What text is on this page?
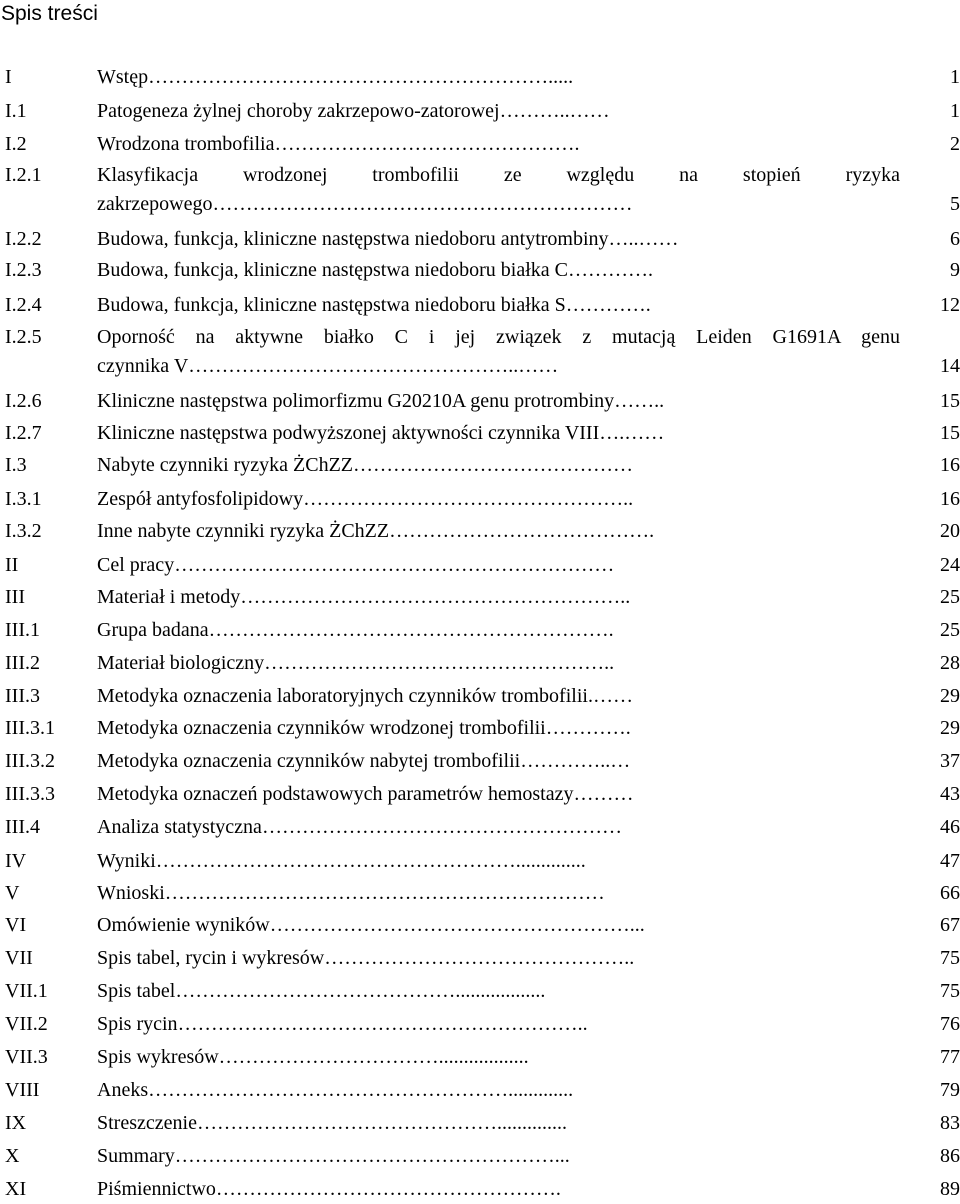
Spis treści
I	Wstęp…………………………………………………….....	1
I.1	Patogeneza żylnej choroby zakrzepowo-zatorowej………..……	1
I.2	Wrodzona trombofilia……………………………………….	2
I.2.1	Klasyfikacja wrodzonej trombofilii ze względu na stopień ryzyka
zakrzepowego………………………………………………………	5
I.2.2	Budowa, funkcja, kliniczne następstwa niedoboru antytrombiny…..……	6
I.2.3	Budowa, funkcja, kliniczne następstwa niedoboru białka C………….	9
I.2.4	Budowa, funkcja, kliniczne następstwa niedoboru białka S………….	12
I.2.5	Oporność na aktywne białko C i jej związek z mutacją Leiden G1691A genu
czynnika V…………………………………………..……	14
I.2.6	Kliniczne następstwa polimorfizmu G20210A genu protrombiny……..	15
I.2.7	Kliniczne następstwa podwyższonej aktywności czynnika VIII….……	15
I.3	Nabyte czynniki ryzyka ŻChZZ……………………………………	16
I.3.1	Zespół antyfosfolipidowy…………………………………………..	16
I.3.2	Inne nabyte czynniki ryzyka ŻChZZ………………………………….	20
II	Cel pracy…………………………………………………………	24
III	Materiał i metody…………………………………………………..	25
III.1	Grupa badana…………………………………………………….	25
III.2	Materiał biologiczny……………………………………………..	28
III.3	Metodyka oznaczenia laboratoryjnych czynników trombofilii.……	29
III.3.1 Metodyka oznaczenia czynników wrodzonej trombofilii………….	29
III.3.2 Metodyka oznaczenia czynników nabytej trombofilii…………..…	37
III.3.3 Metodyka oznaczeń podstawowych parametrów hemostazy………	43
III.4	Analiza statystyczna………………………………………………	46
IV	Wyniki………………………………………………..............	47
V	Wnioski…………………………………………………………	66
VI	Omówienie wyników………………………………………………...	67
VII	Spis tabel, rycin i wykresów………………………………………..	75
VII.1 Spis tabel……………………………………..................	75
VII.2 Spis rycin……………………………………………………..	76
VII.3 Spis wykresów……………………………..................	77
VIII	Aneks……………………………………………….............	79
IX	Streszczenie………………………………………..............	83
X	Summary…………………………………………………...	86
XI	Piśmiennictwo…………………………………………….	89
